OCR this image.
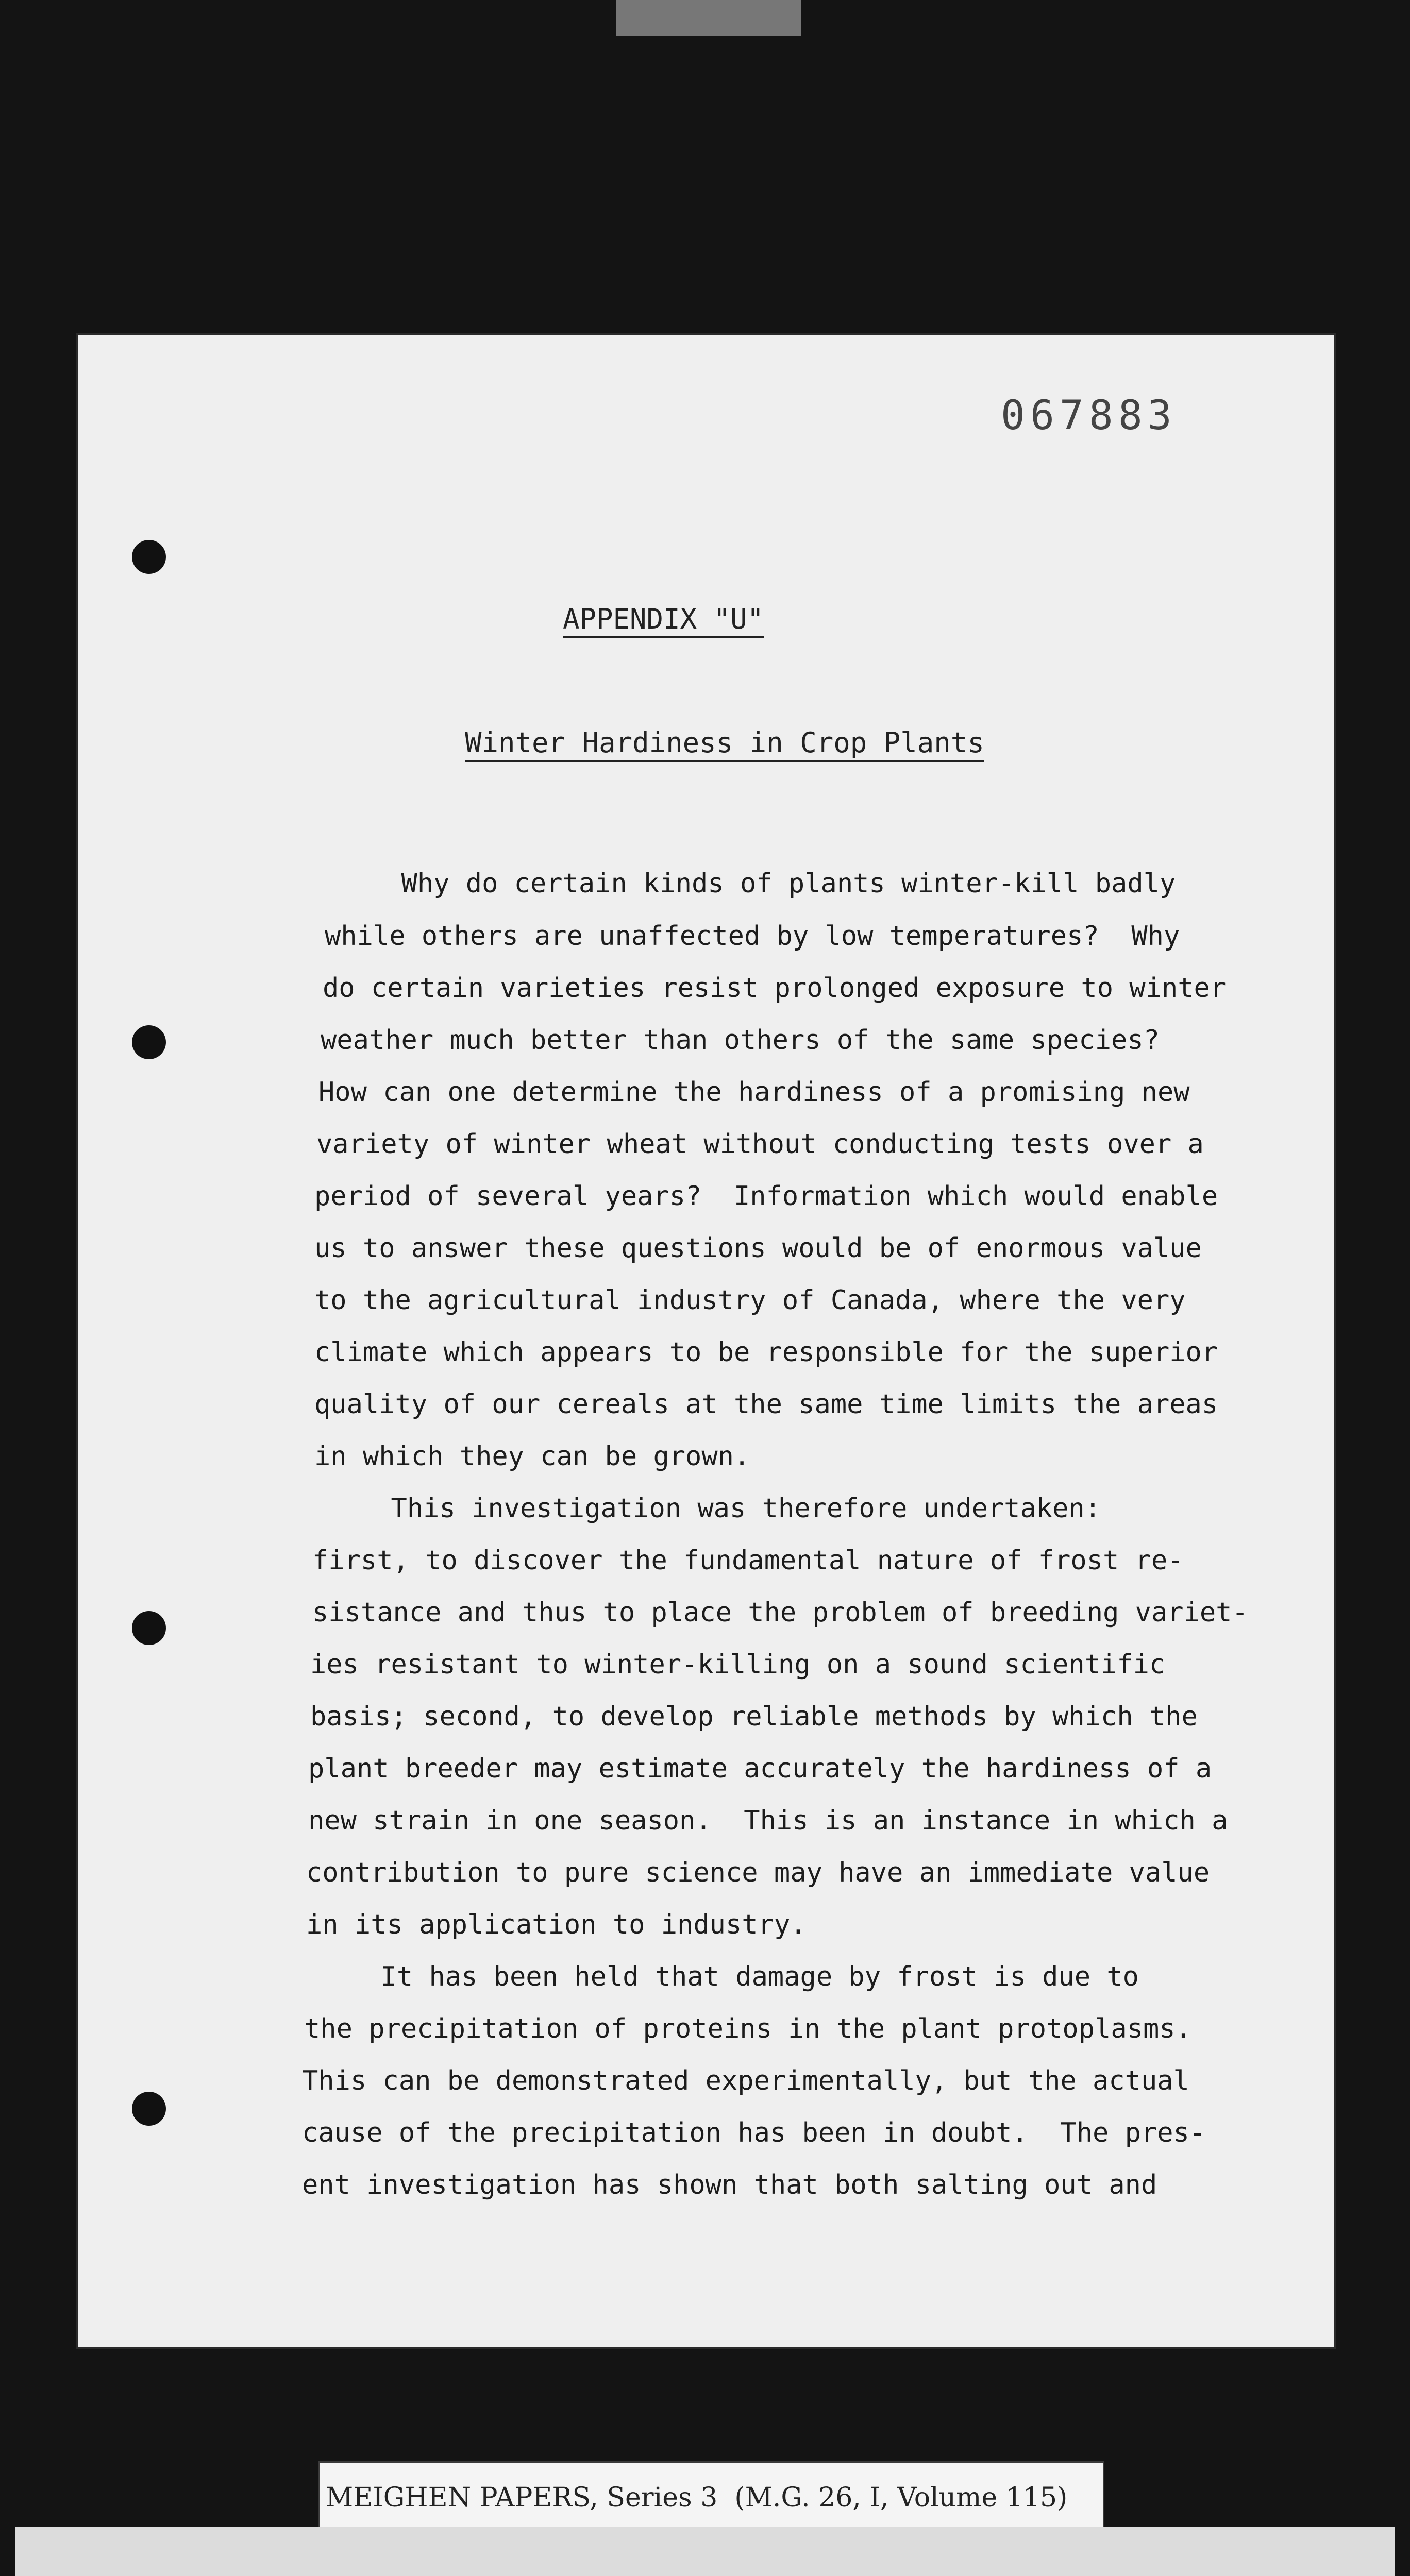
067883
APPENDIX "U"
Winter Hardiness in Crop Plants
Why do certain kinds of plants winter-kill badly
while others are unaffected by low temperatures?  Why
do certain varieties resist prolonged exposure to winter
weather much better than others of the same species?
How can one determine the hardiness of a promising new
variety of winter wheat without conducting tests over a
period of several years?  Information which would enable
us to answer these questions would be of enormous value
to the agricultural industry of Canada, where the very
climate which appears to be responsible for the superior
quality of our cereals at the same time limits the areas
in which they can be grown.
This investigation was therefore undertaken:
first, to discover the fundamental nature of frost re-
sistance and thus to place the problem of breeding variet-
ies resistant to winter-killing on a sound scientific
basis; second, to develop reliable methods by which the
plant breeder may estimate accurately the hardiness of a
new strain in one season.  This is an instance in which a
contribution to pure science may have an immediate value
in its application to industry.
It has been held that damage by frost is due to
the precipitation of proteins in the plant protoplasms.
This can be demonstrated experimentally, but the actual
cause of the precipitation has been in doubt.  The pres-
ent investigation has shown that both salting out and
MEIGHEN PAPERS, Series 3  (M.G. 26, I, Volume 115)
